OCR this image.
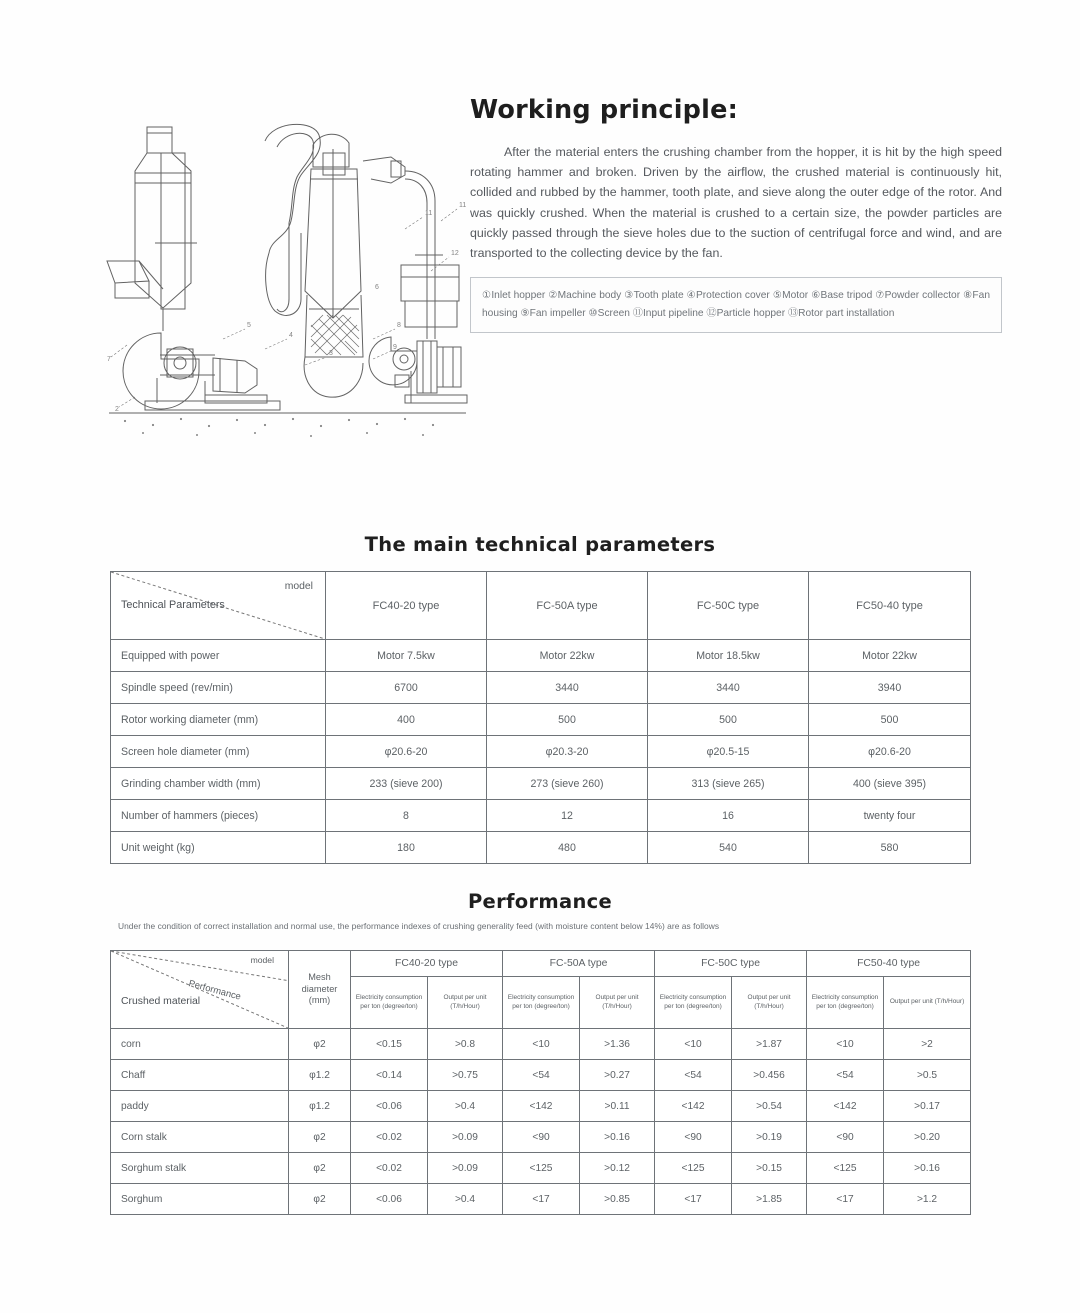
5
4
3
8
11
11
12
7
2
9
6
Working principle:

After the material enters the crushing chamber from the hopper, it is hit by the high speed rotating hammer and broken. Driven by the airflow, the crushed material is continuously hit, collided and rubbed by the hammer, tooth plate, and sieve along the outer edge of the rotor. And was quickly crushed. When the material is crushed to a certain size, the powder particles are quickly passed through the sieve holes due to the suction of centrifugal force and wind, and are transported to the collecting device by the fan.

①Inlet hopper ②Machine body ③Tooth plate ④Protection cover ⑤Motor ⑥Base tripod ⑦Powder collector ⑧Fan housing ⑨Fan impeller ⑩Screen ⑪Input pipeline ⑫Particle hopper ⑬Rotor part installation
The main technical parameters
model
Technical Parameters	FC40-20 type	FC-50A type	FC-50C type	FC50-40 type
Equipped with power	Motor 7.5kw	Motor 22kw	Motor 18.5kw	Motor 22kw
Spindle speed (rev/min)	6700	3440	3440	3940
Rotor working diameter (mm)	400	500	500	500
Screen hole diameter (mm)	φ20.6-20	φ20.3-20	φ20.5-15	φ20.6-20
Grinding chamber width (mm)	233 (sieve 200)	273 (sieve 260)	313 (sieve 265)	400 (sieve 395)
Number of hammers (pieces)	8	12	16	twenty four
Unit weight (kg)	180	480	540	580
Performance
Under the condition of correct installation and normal use, the performance indexes of crushing generality feed (with moisture content below 14%) are as follows
model
Performance
Crushed material	Mesh diameter (mm)	FC40-20 type		FC-50A type		FC-50C type		FC50-40 type	
		Electricity consumption per ton (degree/ton)	Output per unit (T/h/Hour)	Electricity consumption per ton (degree/ton)	Output per unit (T/h/Hour)	Electricity consumption per ton (degree/ton)	Output per unit (T/h/Hour)	Electricity consumption per ton (degree/ton)	Output per unit (T/h/Hour)
corn	φ2	<0.15	>0.8	<10	>1.36	<10	>1.87	<10	>2
Chaff	φ1.2	<0.14	>0.75	<54	>0.27	<54	>0.456	<54	>0.5
paddy	φ1.2	<0.06	>0.4	<142	>0.11	<142	>0.54	<142	>0.17
Corn stalk	φ2	<0.02	>0.09	<90	>0.16	<90	>0.19	<90	>0.20
Sorghum stalk	φ2	<0.02	>0.09	<125	>0.12	<125	>0.15	<125	>0.16
Sorghum	φ2	<0.06	>0.4	<17	>0.85	<17	>1.85	<17	>1.2
